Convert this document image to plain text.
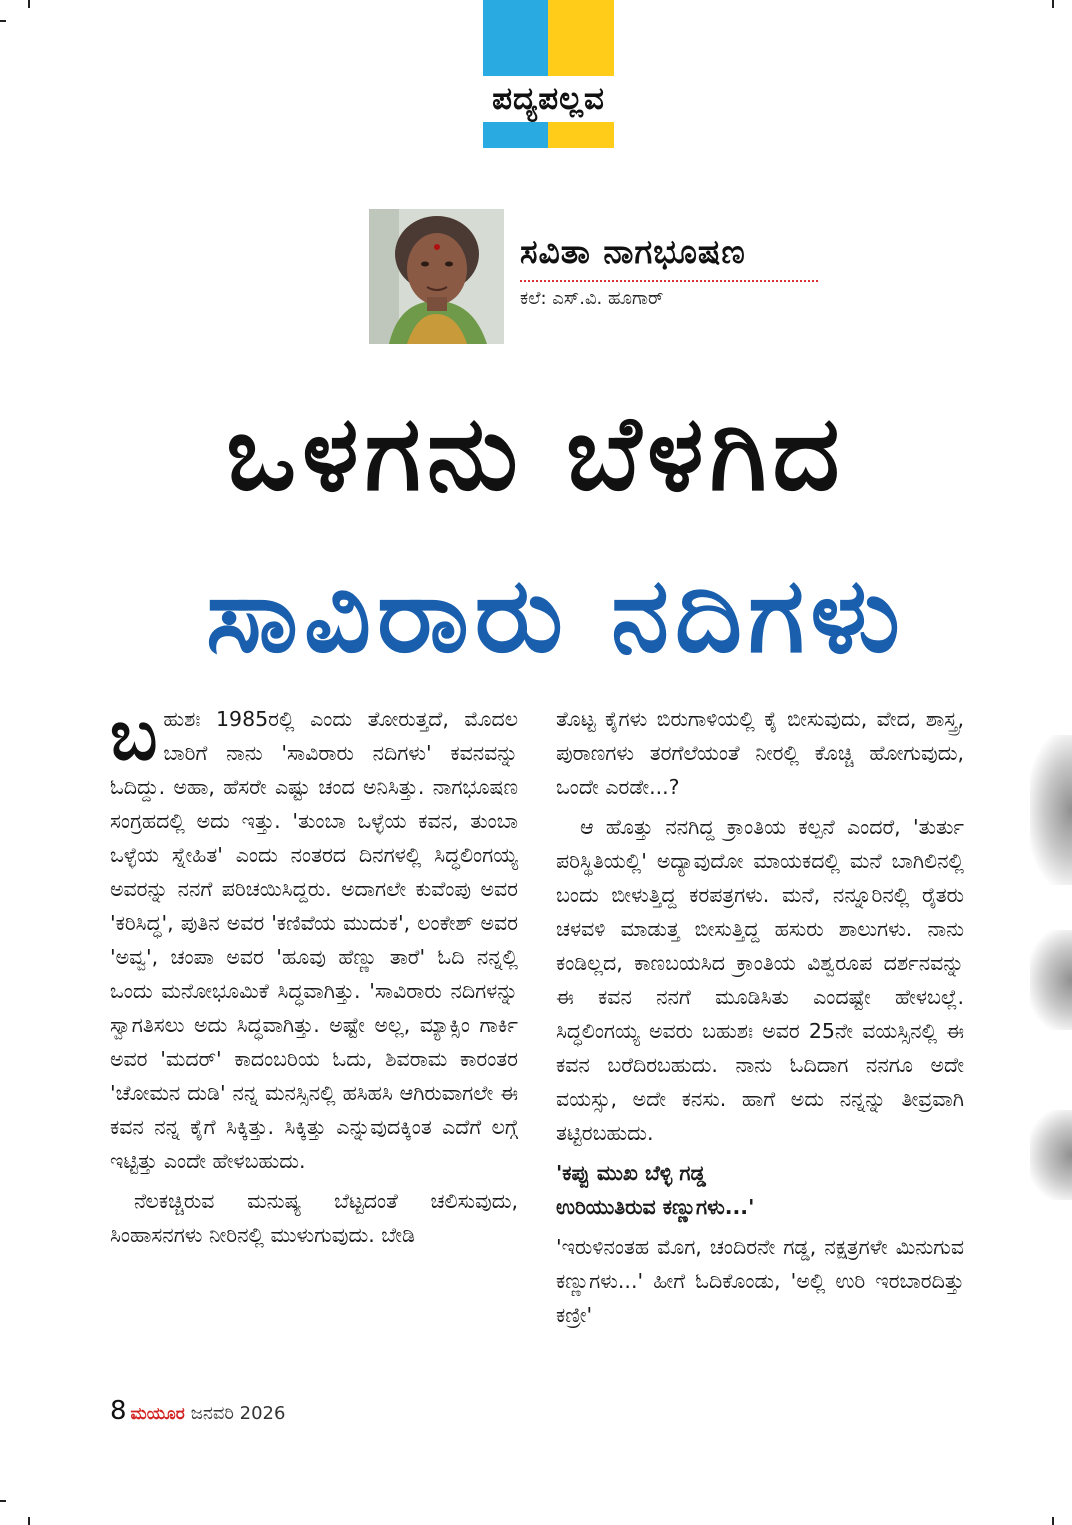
ಪದ್ಯಪಲ್ಲವ
ಸವಿತಾ ನಾಗಭೂಷಣ
ಕಲೆ: ಎಸ್‌.ವಿ. ಹೂಗಾರ್
ಒಳಗನು ಬೆಳಗಿದ
ಸಾವಿರಾರು ನದಿಗಳು

ಬಹುಶಃ 1985ರಲ್ಲಿ ಎಂದು ತೋರುತ್ತದೆ, ಮೊದಲ ಬಾರಿಗೆ ನಾನು 'ಸಾವಿರಾರು ನದಿಗಳು' ಕವನವನ್ನು ಓದಿದ್ದು. ಅಹಾ, ಹೆಸರೇ ಎಷ್ಟು ಚಂದ ಅನಿಸಿತ್ತು. ನಾಗಭೂಷಣ ಸಂಗ್ರಹದಲ್ಲಿ ಅದು ಇತ್ತು. 'ತುಂಬಾ ಒಳ್ಳೆಯ ಕವನ, ತುಂಬಾ ಒಳ್ಳೆಯ ಸ್ನೇಹಿತ' ಎಂದು ನಂತರದ ದಿನಗಳಲ್ಲಿ ಸಿದ್ಧಲಿಂಗಯ್ಯ ಅವರನ್ನು ನನಗೆ ಪರಿಚಯಿಸಿದ್ದರು. ಅದಾಗಲೇ ಕುವೆಂಪು ಅವರ 'ಕರಿಸಿದ್ಧ', ಪುತಿನ ಅವರ 'ಕಣಿವೆಯ ಮುದುಕ', ಲಂಕೇಶ್ ಅವರ 'ಅವ್ವ', ಚಂಪಾ ಅವರ 'ಹೂವು ಹೆಣ್ಣು ತಾರೆ' ಓದಿ ನನ್ನಲ್ಲಿ ಒಂದು ಮನೋಭೂಮಿಕೆ ಸಿದ್ಧವಾಗಿತ್ತು. 'ಸಾವಿರಾರು ನದಿಗಳನ್ನು ಸ್ವಾಗತಿಸಲು ಅದು ಸಿದ್ಧವಾಗಿತ್ತು. ಅಷ್ಟೇ ಅಲ್ಲ, ಮ್ಯಾಕ್ಸಿಂ ಗಾರ್ಕಿ ಅವರ 'ಮದರ್' ಕಾದಂಬರಿಯ ಓದು, ಶಿವರಾಮ ಕಾರಂತರ 'ಚೋಮನ ದುಡಿ' ನನ್ನ ಮನಸ್ಸಿನಲ್ಲಿ ಹಸಿಹಸಿ ಆಗಿರುವಾಗಲೇ ಈ ಕವನ ನನ್ನ ಕೈಗೆ ಸಿಕ್ಕಿತ್ತು. ಸಿಕ್ಕಿತ್ತು ಎನ್ನುವುದಕ್ಕಿಂತ ಎದೆಗೆ ಲಗ್ಗೆ ಇಟ್ಟಿತ್ತು ಎಂದೇ ಹೇಳಬಹುದು.

ನೆಲಕಚ್ಚಿರುವ ಮನುಷ್ಯ ಬೆಟ್ಟದಂತೆ ಚಲಿಸುವುದು, ಸಿಂಹಾಸನಗಳು ನೀರಿನಲ್ಲಿ ಮುಳುಗುವುದು. ಬೇಡಿ

ತೊಟ್ಟ ಕೈಗಳು ಬಿರುಗಾಳಿಯಲ್ಲಿ ಕೈ ಬೀಸುವುದು, ವೇದ, ಶಾಸ್ತ್ರ, ಪುರಾಣಗಳು ತರಗೆಲೆಯಂತೆ ನೀರಲ್ಲಿ ಕೊಚ್ಚಿ ಹೋಗುವುದು, ಒಂದೇ ಎರಡೇ...?

ಆ ಹೊತ್ತು ನನಗಿದ್ದ ಕ್ರಾಂತಿಯ ಕಲ್ಪನೆ ಎಂದರೆ, 'ತುರ್ತು ಪರಿಸ್ಥಿತಿಯಲ್ಲಿ' ಅದ್ಯಾವುದೋ ಮಾಯಕದಲ್ಲಿ ಮನೆ ಬಾಗಿಲಿನಲ್ಲಿ ಬಂದು ಬೀಳುತ್ತಿದ್ದ ಕರಪತ್ರಗಳು. ಮನೆ, ನನ್ನೂರಿನಲ್ಲಿ ರೈತರು ಚಳವಳಿ ಮಾಡುತ್ತ ಬೀಸುತ್ತಿದ್ದ ಹಸುರು ಶಾಲುಗಳು. ನಾನು ಕಂಡಿಲ್ಲದ, ಕಾಣಬಯಸಿದ ಕ್ರಾಂತಿಯ ವಿಶ್ವರೂಪ ದರ್ಶನವನ್ನು ಈ ಕವನ ನನಗೆ ಮೂಡಿಸಿತು ಎಂದಷ್ಟೇ ಹೇಳಬಲ್ಲೆ. ಸಿದ್ಧಲಿಂಗಯ್ಯ ಅವರು ಬಹುಶಃ ಅವರ 25ನೇ ವಯಸ್ಸಿನಲ್ಲಿ ಈ ಕವನ ಬರೆದಿರಬಹುದು. ನಾನು ಓದಿದಾಗ ನನಗೂ ಅದೇ ವಯಸ್ಸು, ಅದೇ ಕನಸು. ಹಾಗೆ ಅದು ನನ್ನನ್ನು ತೀವ್ರವಾಗಿ ತಟ್ಟಿರಬಹುದು.

'ಕಪ್ಪು ಮುಖ ಬೆಳ್ಳಿ ಗಡ್ಡ

ಉರಿಯುತಿರುವ ಕಣ್ಣುಗಳು...'

'ಇರುಳಿನಂತಹ ಮೊಗ, ಚಂದಿರನೇ ಗಡ್ಡ, ನಕ್ಷತ್ರಗಳೇ ಮಿನುಗುವ ಕಣ್ಣುಗಳು...' ಹೀಗೆ ಓದಿಕೊಂಡು, 'ಅಲ್ಲಿ ಉರಿ ಇರಬಾರದಿತ್ತು ಕಣ್ರೀ'

8 ಮಯೂರ ಜನವರಿ 2026
